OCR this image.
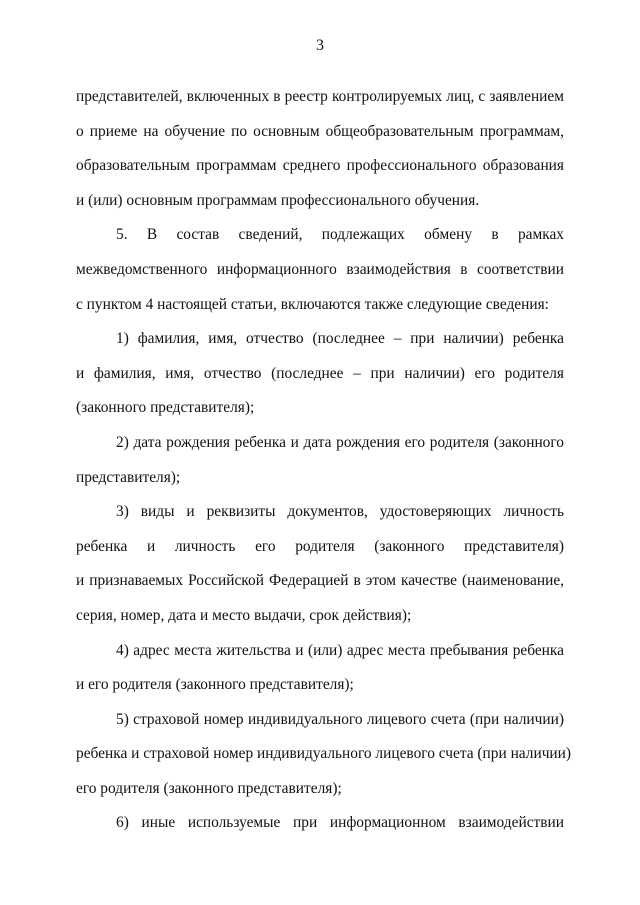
3
представителей, включенных в реестр контролируемых лиц, с заявлением
о приеме на обучение по основным общеобразовательным программам,
образовательным программам среднего профессионального образования
и (или) основным программам профессионального обучения.
5. В состав сведений, подлежащих обмену в рамках
межведомственного информационного взаимодействия в соответствии
с пунктом 4 настоящей статьи, включаются также следующие сведения:
1) фамилия, имя, отчество (последнее – при наличии) ребенка
и фамилия, имя, отчество (последнее – при наличии) его родителя
(законного представителя);
2) дата рождения ребенка и дата рождения его родителя (законного
представителя);
3) виды и реквизиты документов, удостоверяющих личность
ребенка и личность его родителя (законного представителя)
и признаваемых Российской Федерацией в этом качестве (наименование,
серия, номер, дата и место выдачи, срок действия);
4) адрес места жительства и (или) адрес места пребывания ребенка
и его родителя (законного представителя);
5) страховой номер индивидуального лицевого счета (при наличии)
ребенка и страховой номер индивидуального лицевого счета (при наличии)
его родителя (законного представителя);
6) иные используемые при информационном взаимодействии
